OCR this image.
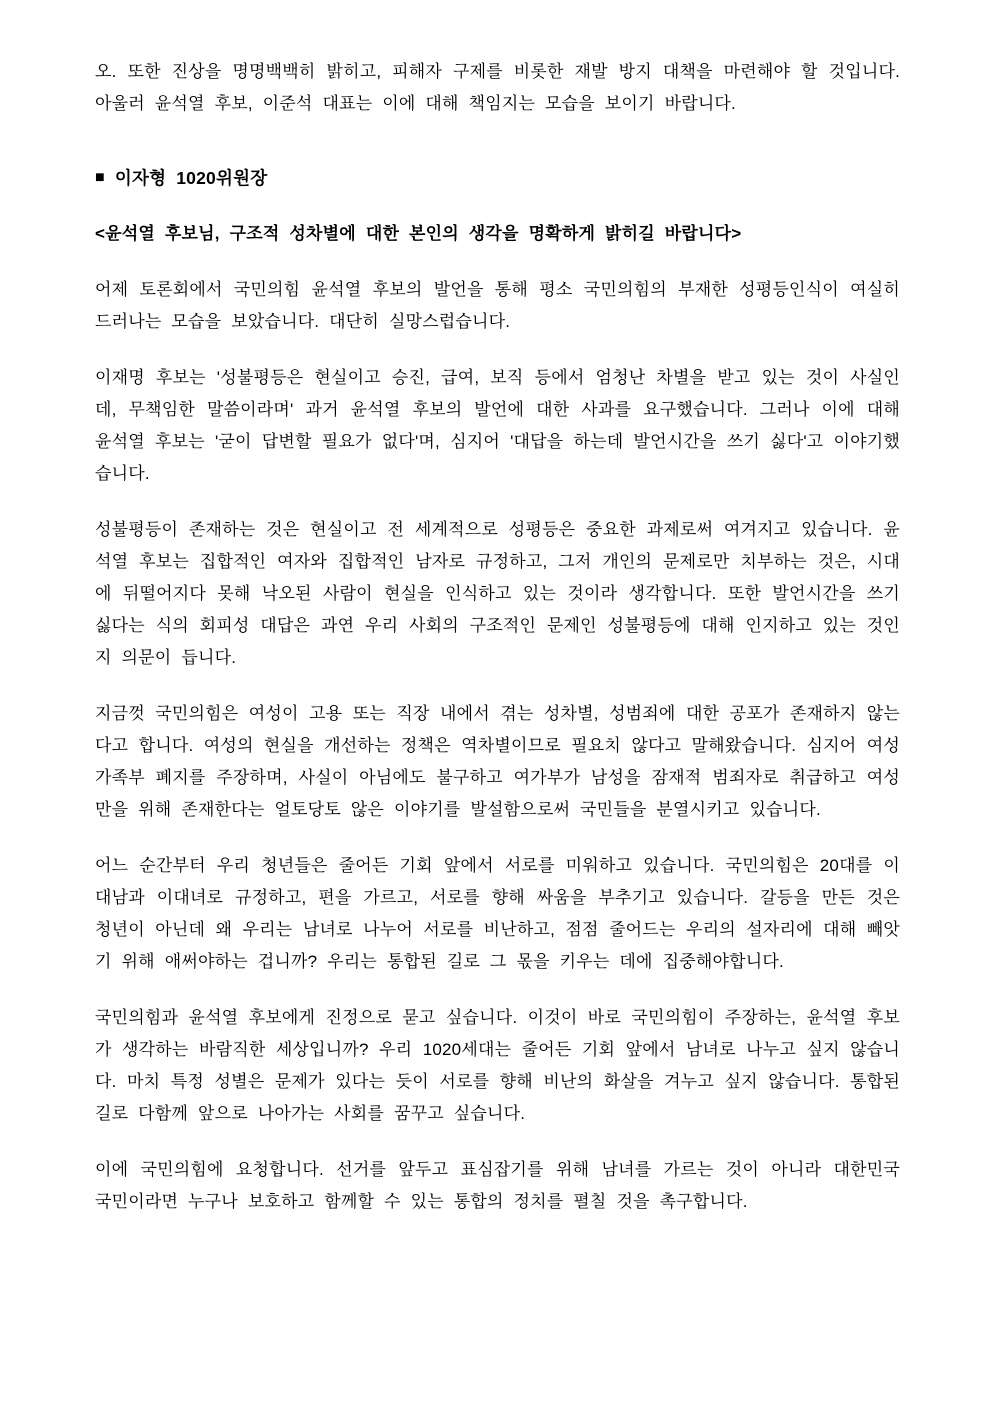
오. 또한 진상을 명명백백히 밝히고, 피해자 구제를 비롯한 재발 방지 대책을 마련해야 할 것입니다. 아울러 윤석열 후보, 이준석 대표는 이에 대해 책임지는 모습을 보이기 바랍니다.

■ 이자형 1020위원장

<윤석열 후보님, 구조적 성차별에 대한 본인의 생각을 명확하게 밝히길 바랍니다>

어제 토론회에서 국민의힘 윤석열 후보의 발언을 통해 평소 국민의힘의 부재한 성평등인식이 여실히 드러나는 모습을 보았습니다. 대단히 실망스럽습니다.

이재명 후보는 '성불평등은 현실이고 승진, 급여, 보직 등에서 엄청난 차별을 받고 있는 것이 사실인데, 무책임한 말씀이라며' 과거 윤석열 후보의 발언에 대한 사과를 요구했습니다. 그러나 이에 대해 윤석열 후보는 '굳이 답변할 필요가 없다'며, 심지어 '대답을 하는데 발언시간을 쓰기 싫다'고 이야기했습니다.

성불평등이 존재하는 것은 현실이고 전 세계적으로 성평등은 중요한 과제로써 여겨지고 있습니다. 윤석열 후보는 집합적인 여자와 집합적인 남자로 규정하고, 그저 개인의 문제로만 치부하는 것은, 시대에 뒤떨어지다 못해 낙오된 사람이 현실을 인식하고 있는 것이라 생각합니다. 또한 발언시간을 쓰기 싫다는 식의 회피성 대답은 과연 우리 사회의 구조적인 문제인 성불평등에 대해 인지하고 있는 것인지 의문이 듭니다.

지금껏 국민의힘은 여성이 고용 또는 직장 내에서 겪는 성차별, 성범죄에 대한 공포가 존재하지 않는다고 합니다. 여성의 현실을 개선하는 정책은 역차별이므로 필요치 않다고 말해왔습니다. 심지어 여성가족부 폐지를 주장하며, 사실이 아님에도 불구하고 여가부가 남성을 잠재적 범죄자로 취급하고 여성만을 위해 존재한다는 얼토당토 않은 이야기를 발설함으로써 국민들을 분열시키고 있습니다.

어느 순간부터 우리 청년들은 줄어든 기회 앞에서 서로를 미워하고 있습니다. 국민의힘은 20대를 이대남과 이대녀로 규정하고, 편을 가르고, 서로를 향해 싸움을 부추기고 있습니다. 갈등을 만든 것은 청년이 아닌데 왜 우리는 남녀로 나누어 서로를 비난하고, 점점 줄어드는 우리의 설자리에 대해 빼앗기 위해 애써야하는 겁니까? 우리는 통합된 길로 그 몫을 키우는 데에 집중해야합니다.

국민의힘과 윤석열 후보에게 진정으로 묻고 싶습니다. 이것이 바로 국민의힘이 주장하는, 윤석열 후보가 생각하는 바람직한 세상입니까? 우리 1020세대는 줄어든 기회 앞에서 남녀로 나누고 싶지 않습니다. 마치 특정 성별은 문제가 있다는 듯이 서로를 향해 비난의 화살을 겨누고 싶지 않습니다. 통합된 길로 다함께 앞으로 나아가는 사회를 꿈꾸고 싶습니다.

이에 국민의힘에 요청합니다. 선거를 앞두고 표심잡기를 위해 남녀를 가르는 것이 아니라 대한민국 국민이라면 누구나 보호하고 함께할 수 있는 통합의 정치를 펼칠 것을 촉구합니다.
